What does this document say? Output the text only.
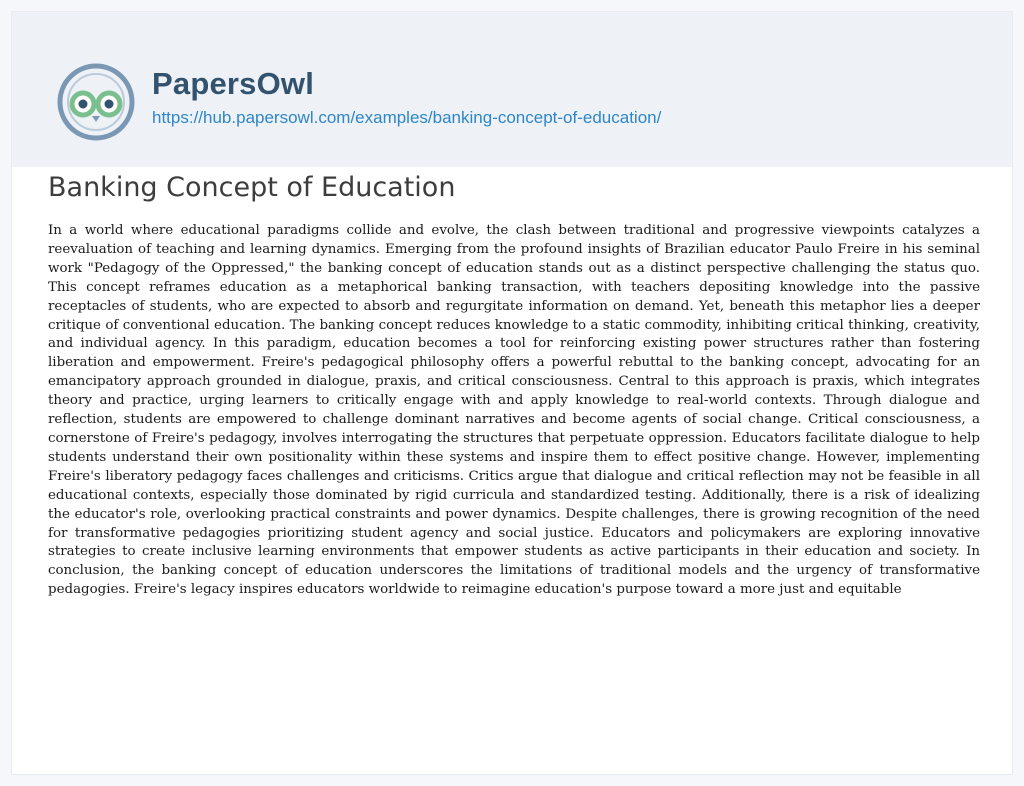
PapersOwl
https://hub.papersowl.com/examples/banking-concept-of-education/
Banking Concept of Education

In a world where educational paradigms collide and evolve, the clash between traditional and progressive viewpoints catalyzes a reevaluation of teaching and learning dynamics. Emerging from the profound insights of Brazilian educator Paulo Freire in his seminal work "Pedagogy of the Oppressed," the banking concept of education stands out as a distinct perspective challenging the status quo. This concept reframes education as a metaphorical banking transaction, with teachers depositing knowledge into the passive receptacles of students, who are expected to absorb and regurgitate information on demand. Yet, beneath this metaphor lies a deeper critique of conventional education. The banking concept reduces knowledge to a static commodity, inhibiting critical thinking, creativity, and individual agency. In this paradigm, education becomes a tool for reinforcing existing power structures rather than fostering liberation and empowerment. Freire's pedagogical philosophy offers a powerful rebuttal to the banking concept, advocating for an emancipatory approach grounded in dialogue, praxis, and critical consciousness. Central to this approach is praxis, which integrates theory and practice, urging learners to critically engage with and apply knowledge to real-world contexts. Through dialogue and reflection, students are empowered to challenge dominant narratives and become agents of social change. Critical consciousness, a cornerstone of Freire's pedagogy, involves interrogating the structures that perpetuate oppression. Educators facilitate dialogue to help students understand their own positionality within these systems and inspire them to effect positive change. However, implementing Freire's liberatory pedagogy faces challenges and criticisms. Critics argue that dialogue and critical reflection may not be feasible in all educational contexts, especially those dominated by rigid curricula and standardized testing. Additionally, there is a risk of idealizing the educator's role, overlooking practical constraints and power dynamics. Despite challenges, there is growing recognition of the need for transformative pedagogies prioritizing student agency and social justice. Educators and policymakers are exploring innovative strategies to create inclusive learning environments that empower students as active participants in their education and society. In conclusion, the banking concept of education underscores the limitations of traditional models and the urgency of transformative pedagogies. Freire's legacy inspires educators worldwide to reimagine education's purpose toward a more just and equitable
